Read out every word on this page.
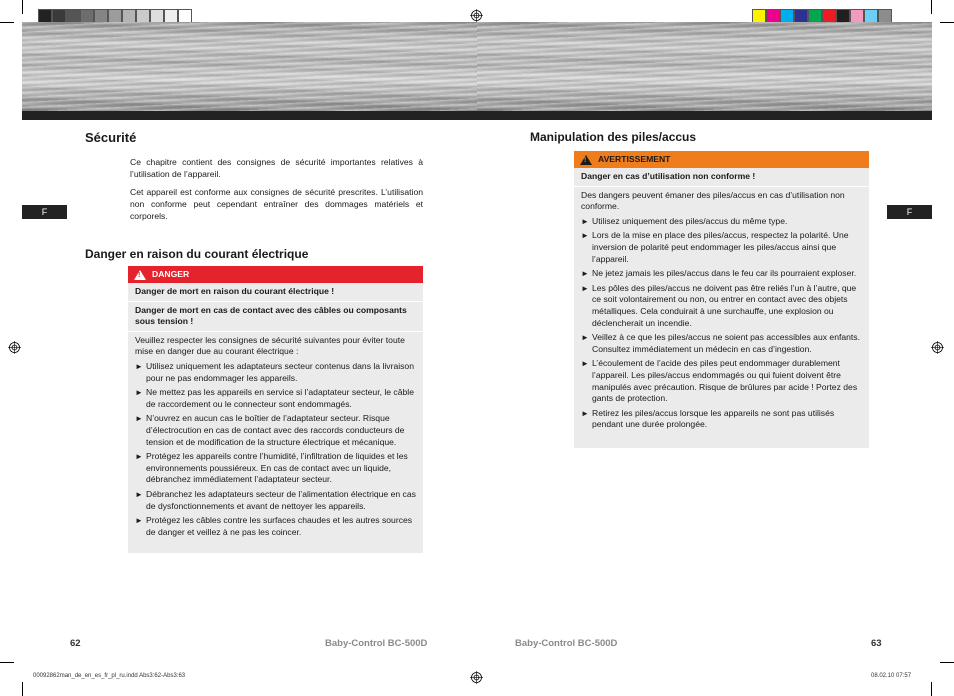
F	F
Sécurité

Ce chapitre contient des consignes de sécurité importantes relatives à l’utilisation de l’appareil.

Cet appareil est conforme aux consignes de sécurité prescrites. L’utilisation non conforme peut cependant entraîner des dommages matériels et corporels.

Danger en raison du courant électrique
! DANGER

Danger de mort en raison du courant électrique !

Danger de mort en cas de contact avec des câbles ou composants sous tension !

Veuillez respecter les consignes de sécurité suivantes pour éviter toute mise en danger due au courant électrique :

► Utilisez uniquement les adaptateurs secteur contenus dans la livraison pour ne pas endommager les appareils.
► Ne mettez pas les appareils en service si l’adaptateur secteur, le câble de raccordement ou le connecteur sont endommagés.
► N’ouvrez en aucun cas le boîtier de l’adaptateur secteur. Risque d’électrocution en cas de contact avec des raccords conducteurs de tension et de modification de la structure électrique et mécanique.
► Protégez les appareils contre l’humidité, l’infiltration de liquides et les environnements poussiéreux. En cas de contact avec un liquide, débranchez immédiatement l’adaptateur secteur.
► Débranchez les adaptateurs secteur de l’alimentation électrique en cas de dysfonctionnements et avant de nettoyer les appareils.
► Protégez les câbles contre les surfaces chaudes et les autres sources de danger et veillez à ne pas les coincer.
Manipulation des piles/accus
! AVERTISSEMENT

Danger en cas d’utilisation non conforme !

Des dangers peuvent émaner des piles/accus en cas d’utilisation non conforme.

► Utilisez uniquement des piles/accus du même type.
► Lors de la mise en place des piles/accus, respectez la polarité. Une inversion de polarité peut endommager les piles/accus ainsi que l’appareil.
► Ne jetez jamais les piles/accus dans le feu car ils pourraient exploser.
► Les pôles des piles/accus ne doivent pas être reliés l’un à l’autre, que ce soit volontairement ou non, ou entrer en contact avec des objets métalliques. Cela conduirait à une surchauffe, une explosion ou déclencherait un incendie.
► Veillez à ce que les piles/accus ne soient pas accessibles aux enfants. Consultez immédiatement un médecin en cas d’ingestion.
► L’écoulement de l’acide des piles peut endommager durablement l’appareil. Les piles/accus endommagés ou qui fuient doivent être manipulés avec précaution. Risque de brûlures par acide ! Portez des gants de protection.
► Retirez les piles/accus lorsque les appareils ne sont pas utilisés pendant une durée prolongée.
62	Baby-Control BC-500D	Baby-Control BC-500D	63
00092862man_de_en_es_fr_pl_ru.indd Abs3:62-Abs3:63	08.02.10 07:57
